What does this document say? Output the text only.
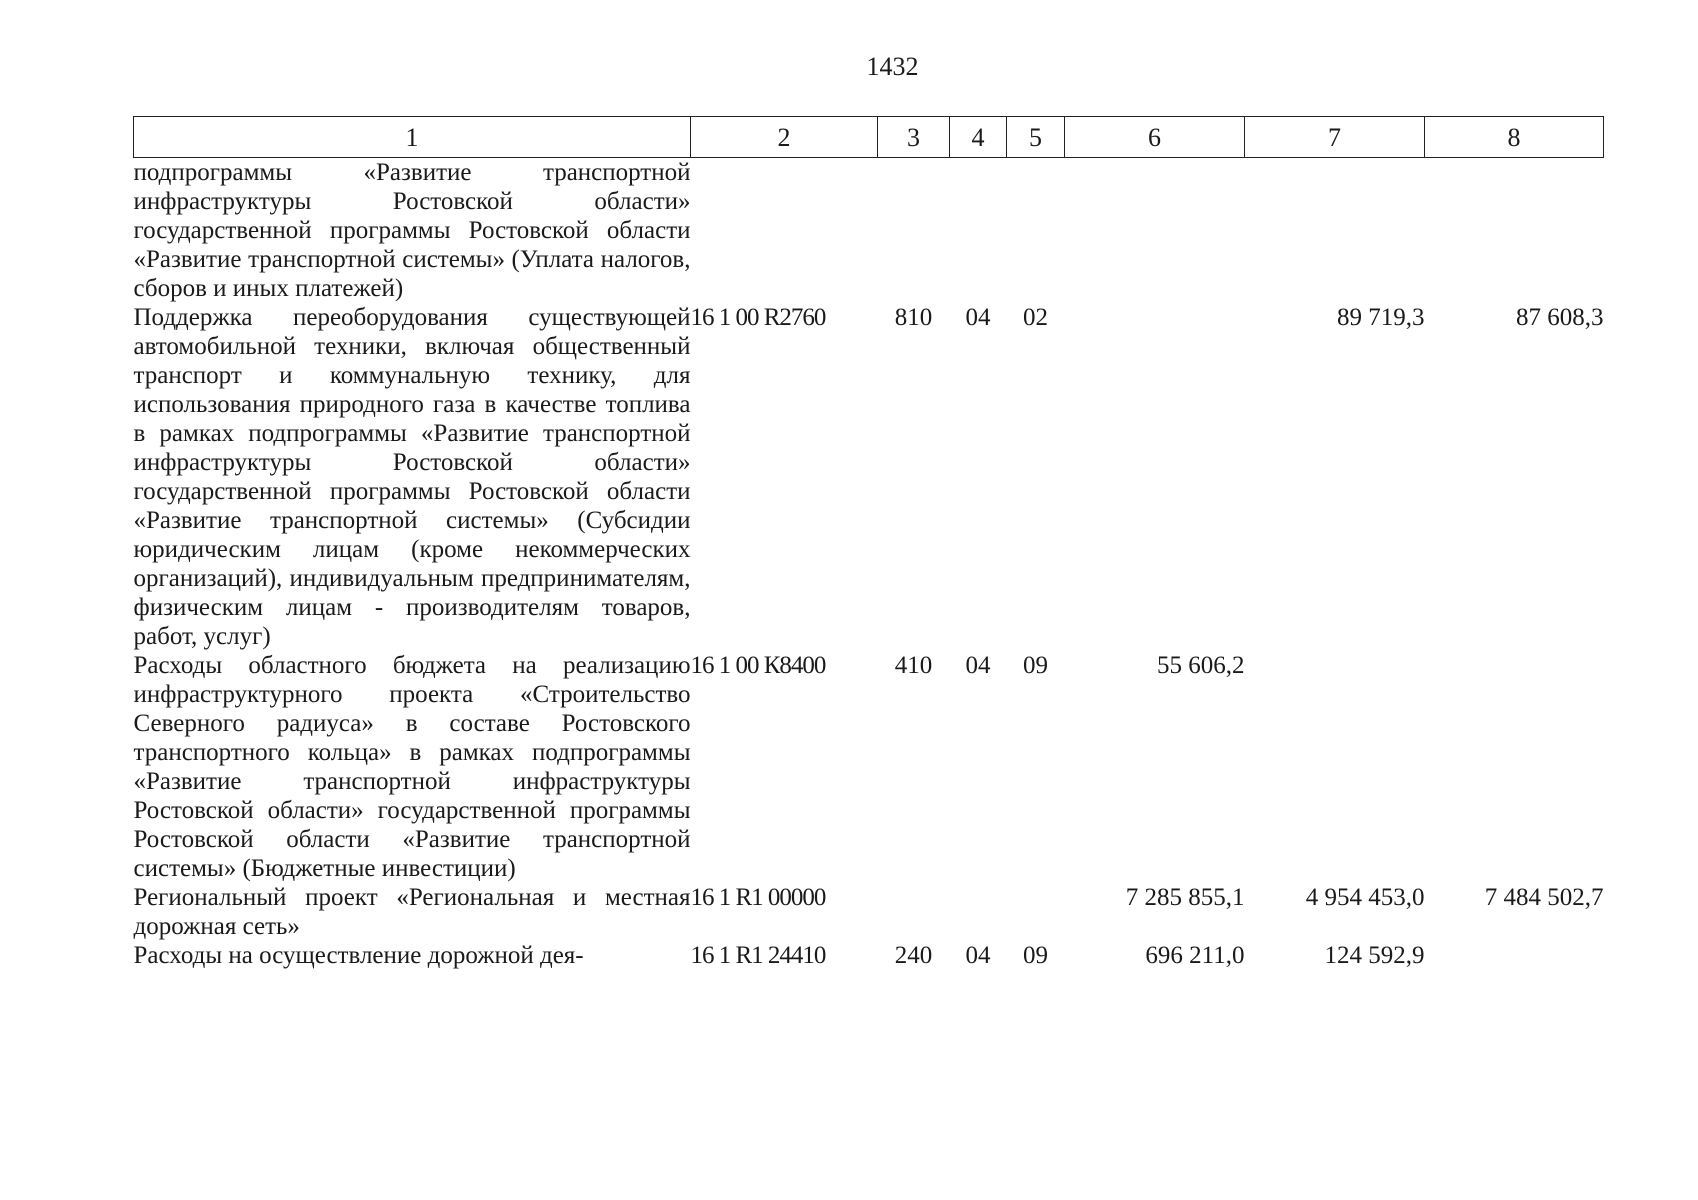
1432
1	2	3	4	5	6	7	8
подпрограммы «Развитие транспортной инфраструктуры Ростовской области» государственной программы Ростовской области «Развитие транспортной системы» (Уплата налогов, сборов и иных платежей)							
Поддержка переоборудования существующей автомобильной техники, включая общественный транспорт и коммунальную технику, для использования природного газа в качестве топлива в рамках подпрограммы «Развитие транспортной инфраструктуры Ростовской области» государственной программы Ростовской области «Развитие транспортной системы» (Субсидии юридическим лицам (кроме некоммерческих организаций), индивидуальным предпринимателям, физическим лицам - производителям товаров, работ, услуг)	16 1 00 R2760	810	04	02		89 719,3	87 608,3
Расходы областного бюджета на реализацию инфраструктурного проекта «Строительство Северного радиуса» в составе Ростовского транспортного кольца» в рамках подпрограммы «Развитие транспортной инфраструктуры Ростовской области» государственной программы Ростовской области «Развитие транспортной системы» (Бюджетные инвестиции)	16 1 00 К8400	410	04	09	55 606,2		
Региональный проект «Региональная и местная дорожная сеть»	16 1 R1 00000				7 285 855,1	4 954 453,0	7 484 502,7
Расходы на осуществление дорожной дея-	16 1 R1 24410	240	04	09	696 211,0	124 592,9	
